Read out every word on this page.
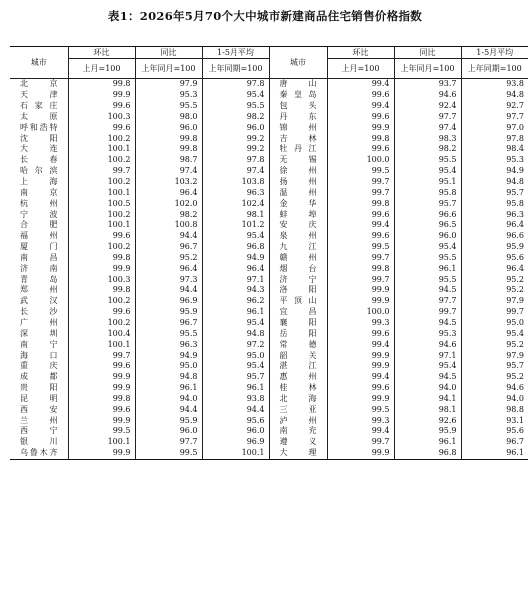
表1：2026年5月70个大中城市新建商品住宅销售价格指数
城市	环比	同比	1-5月平均	城市	环比	同比	1-5月平均
	上月=100	上年同月=100	上年同期=100		上月=100	上年同月=100	上年同期=100
北京	99.8	97.9	97.8	唐山	99.4	93.7	93.8
天津	99.9	95.3	95.4	秦皇岛	99.6	94.6	94.8
石家庄	99.6	95.5	95.5	包头	99.4	92.4	92.7
太原	100.3	98.0	98.2	丹东	99.6	97.7	97.7
呼和浩特	99.6	96.0	96.0	锦州	99.9	97.4	97.0
沈阳	100.2	99.8	99.2	吉林	99.8	98.3	97.8
大连	100.1	99.8	99.2	牡丹江	99.6	98.2	98.4
长春	100.2	98.7	97.8	无锡	100.0	95.5	95.3
哈尔滨	99.7	97.4	97.4	徐州	99.5	95.4	94.9
上海	100.2	103.2	103.8	扬州	99.7	95.1	94.8
南京	100.1	96.4	96.3	温州	99.7	95.8	95.7
杭州	100.5	102.0	102.4	金华	99.8	95.7	95.8
宁波	100.2	98.2	98.1	蚌埠	99.6	96.6	96.3
合肥	100.1	100.8	101.2	安庆	99.4	96.5	96.4
福州	99.6	94.4	95.4	泉州	99.6	96.0	96.6
厦门	100.2	96.7	96.8	九江	99.5	95.4	95.9
南昌	99.8	95.2	94.9	赣州	99.7	95.5	95.6
济南	99.9	96.4	96.4	烟台	99.8	96.1	96.4
青岛	100.3	97.3	97.1	济宁	99.7	95.5	95.2
郑州	99.8	94.4	94.3	洛阳	99.9	94.5	95.2
武汉	100.2	96.9	96.2	平顶山	99.9	97.7	97.9
长沙	99.6	95.9	96.1	宜昌	100.0	99.7	99.7
广州	100.2	96.7	95.4	襄阳	99.3	94.5	95.0
深圳	100.4	95.5	94.8	岳阳	99.6	95.3	95.4
南宁	100.1	96.3	97.2	常德	99.4	94.6	95.2
海口	99.7	94.9	95.0	韶关	99.9	97.1	97.9
重庆	99.6	95.0	95.4	湛江	99.9	95.4	95.7
成都	99.9	94.8	95.7	惠州	99.4	94.5	95.2
贵阳	99.9	96.1	96.1	桂林	99.6	94.0	94.6
昆明	99.8	94.0	93.8	北海	99.9	94.1	94.0
西安	99.6	94.4	94.4	三亚	99.5	98.1	98.8
兰州	99.9	95.9	95.6	泸州	99.3	92.6	93.1
西宁	99.5	96.0	96.0	南充	99.4	95.9	95.6
银川	100.1	97.7	96.9	遵义	99.7	96.1	96.7
乌鲁木齐	99.9	99.5	100.1	大理	99.9	96.8	96.1
